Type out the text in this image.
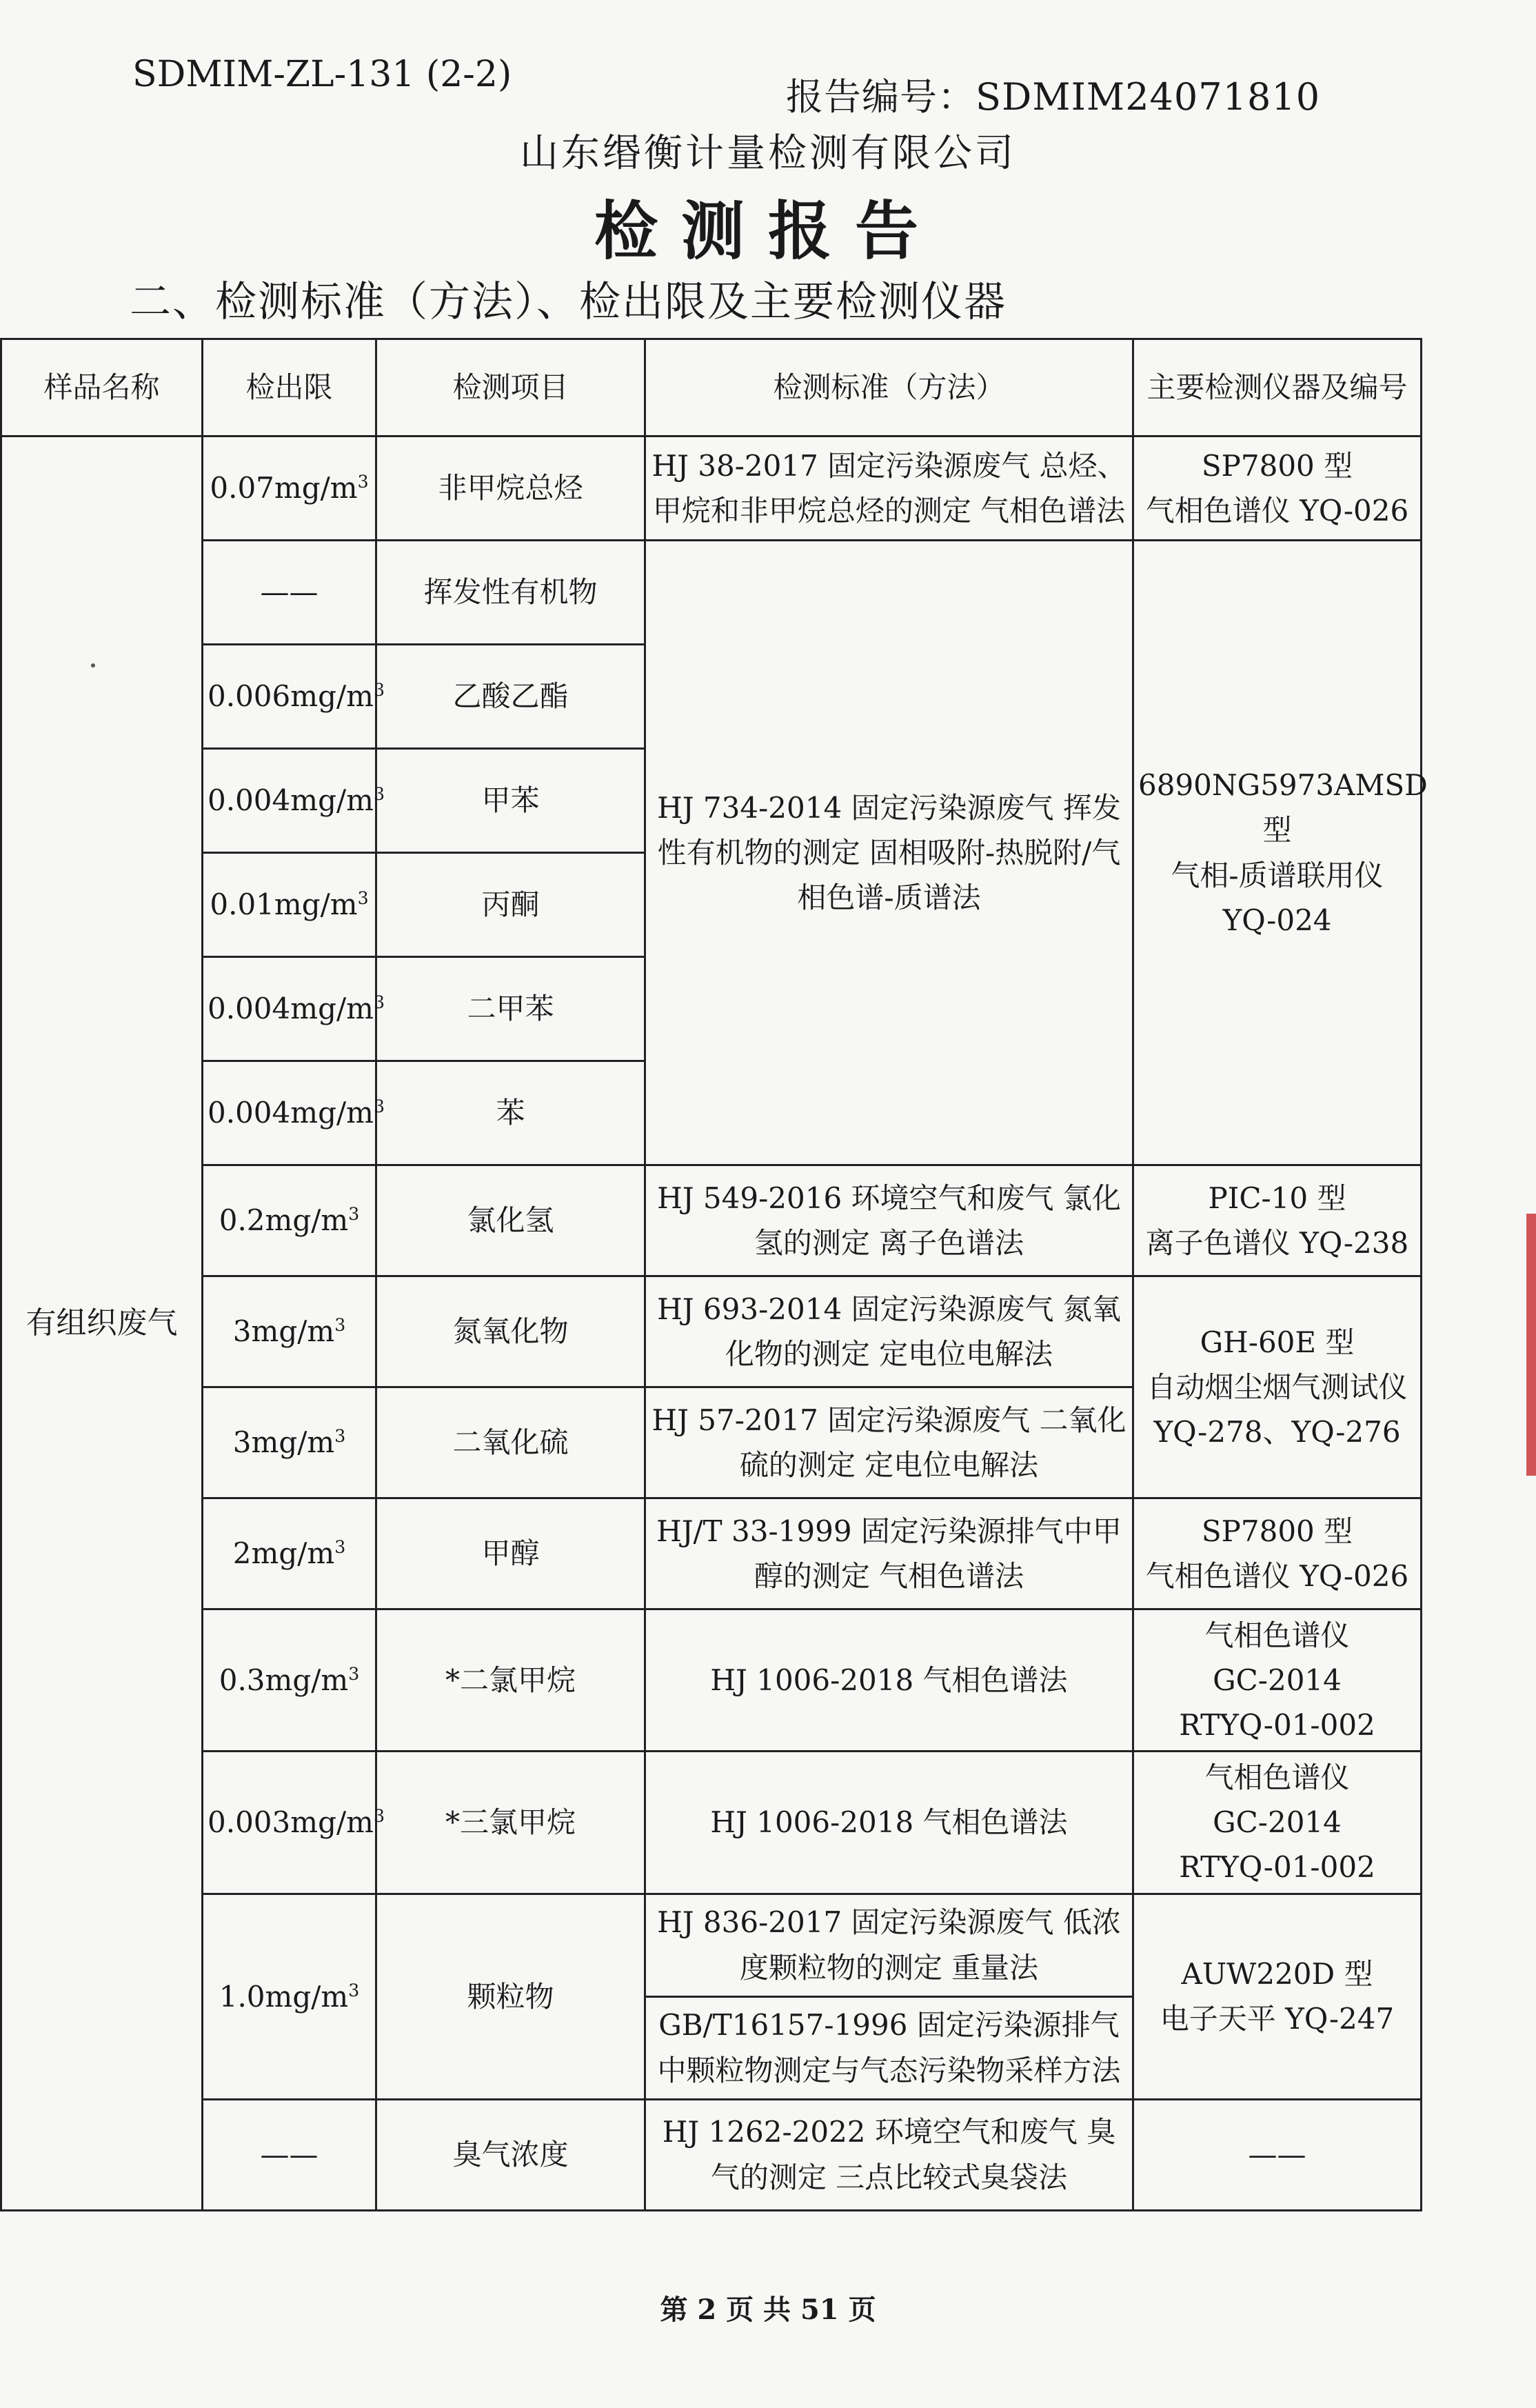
SDMIM-ZL-131 (2-2)
报告编号：SDMIM24071810
山东缗衡计量检测有限公司
检测报告
二、检测标准（方法）、检出限及主要检测仪器
样品名称	检出限	检测项目	检测标准（方法）	主要检测仪器及编号
有组织废气	$0.07mg/m^3$	非甲烷总烃	HJ 38-2017 固定污染源废气 总烃、甲烷和非甲烷总烃的测定 气相色谱法	SP7800 型
气相色谱仪 YQ-026

	——	挥发性有机物	HJ 734-2014 固定污染源废气 挥发性有机物的测定 固相吸附-热脱附/气相色谱-质谱法	6890NG5973AMSD 型
气相-质谱联用仪
YQ-024

	$0.006mg/m^3$	乙酸乙酯		
	$0.004mg/m^3$	甲苯		
	$0.01mg/m^3$	丙酮		
	$0.004mg/m^3$	二甲苯		
	$0.004mg/m^3$	苯		
	$0.2mg/m^3$	氯化氢	HJ 549-2016 环境空气和废气 氯化氢的测定 离子色谱法	PIC-10 型
离子色谱仪 YQ-238

	$3mg/m^3$	氮氧化物	HJ 693-2014 固定污染源废气 氮氧化物的测定 定电位电解法	GH-60E 型
自动烟尘烟气测试仪
YQ-278、YQ-276

	$3mg/m^3$	二氧化硫	HJ 57-2017 固定污染源废气 二氧化硫的测定 定电位电解法	
	$2mg/m^3$	甲醇	HJ/T 33-1999 固定污染源排气中甲醇的测定 气相色谱法	SP7800 型
气相色谱仪 YQ-026

	$0.3mg/m^3$	*二氯甲烷	HJ 1006-2018 气相色谱法	气相色谱仪
GC-2014
RTYQ-01-002

	$0.003mg/m^3$	*三氯甲烷	HJ 1006-2018 气相色谱法	气相色谱仪
GC-2014
RTYQ-01-002

	$1.0mg/m^3$	颗粒物	HJ 836-2017 固定污染源废气 低浓度颗粒物的测定 重量法	AUW220D 型
电子天平 YQ-247

			GB/T16157-1996 固定污染源排气中颗粒物测定与气态污染物采样方法	
	——	臭气浓度	HJ 1262-2022 环境空气和废气 臭气的测定 三点比较式臭袋法	——
第 2 页 共 51 页
